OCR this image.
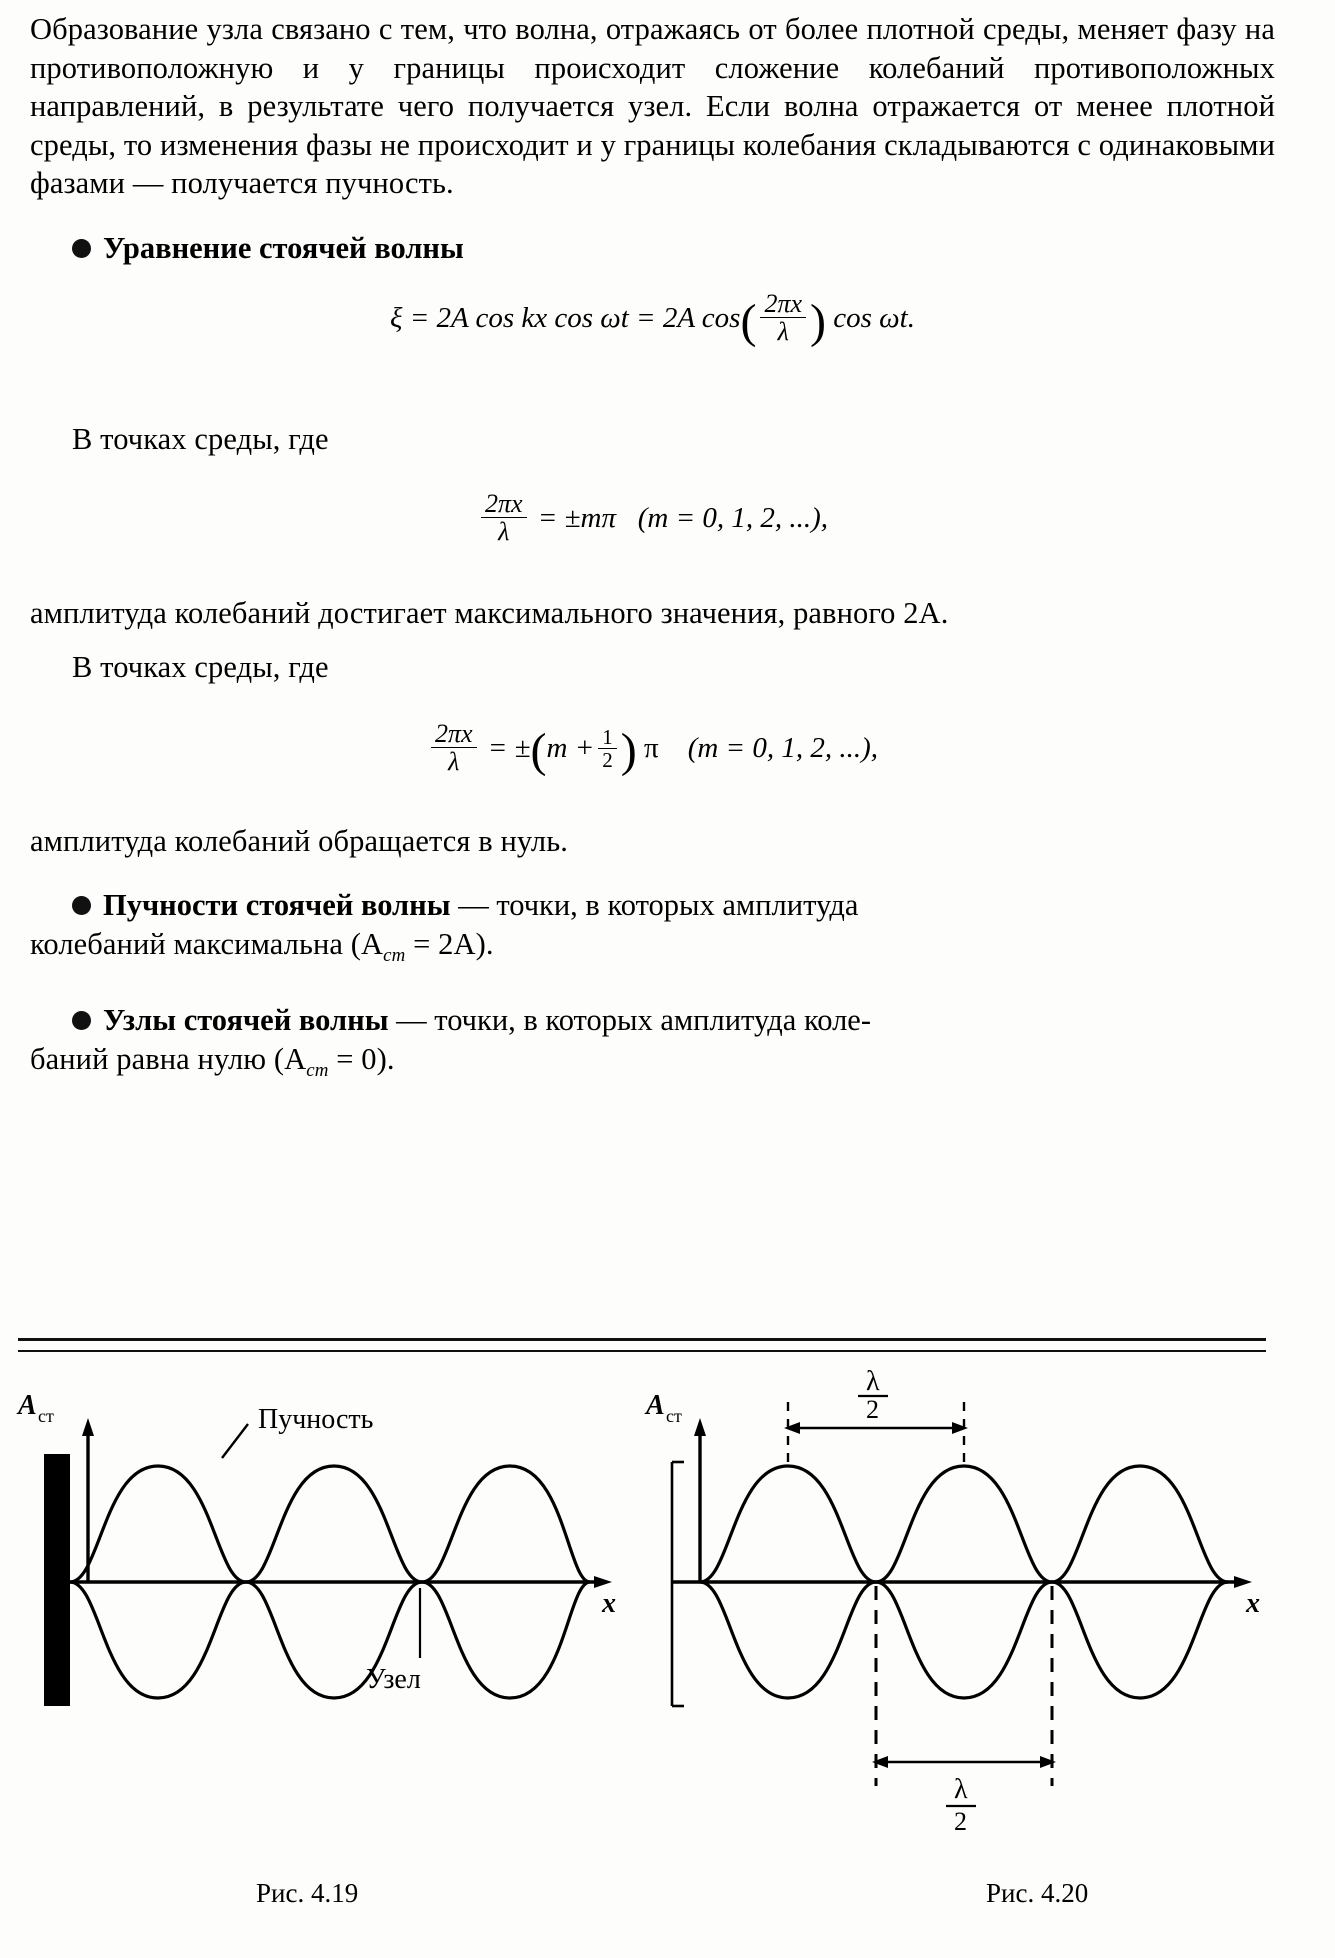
Образование узла связано с тем, что волна, отражаясь от более плотной среды, меняет фазу на противоположную и у границы происходит сложение колебаний противоположных направлений, в результате чего получается узел. Если волна отражается от менее плотной среды, то изменения фазы не происходит и у границы колебания складываются с одинаковыми фазами — получается пучность.

Уравнение стоячей волны
ξ = 2A cos kx cos ωt = 2A $\cos( \frac{2\pi x}{\lambda}$ ) cos ωt.

В точках среды, где

$\frac{2\pi x}{\lambda} = \pm m\pi$ (m = 0, 1, 2, ...),

амплитуда колебаний достигает максимального значения, равного 2A.

В точках среды, где

$\frac{2\pi x}{\lambda} = \pm(m + \frac{1}{2}$ ) π (m = 0, 1, 2, ...),

амплитуда колебаний обращается в нуль.

Пучности стоячей волны — точки, в которых амплитуда

колебаний максимальна $(A_{ст} = 2A)$.

Узлы стоячей волны — точки, в которых амплитуда коле-

баний равна нулю $(A_{ст} = 0)$.

Пучность
Узел
A ст
x
λ
2
λ
2
A ст
x
Рис. 4.19	Рис. 4.20
